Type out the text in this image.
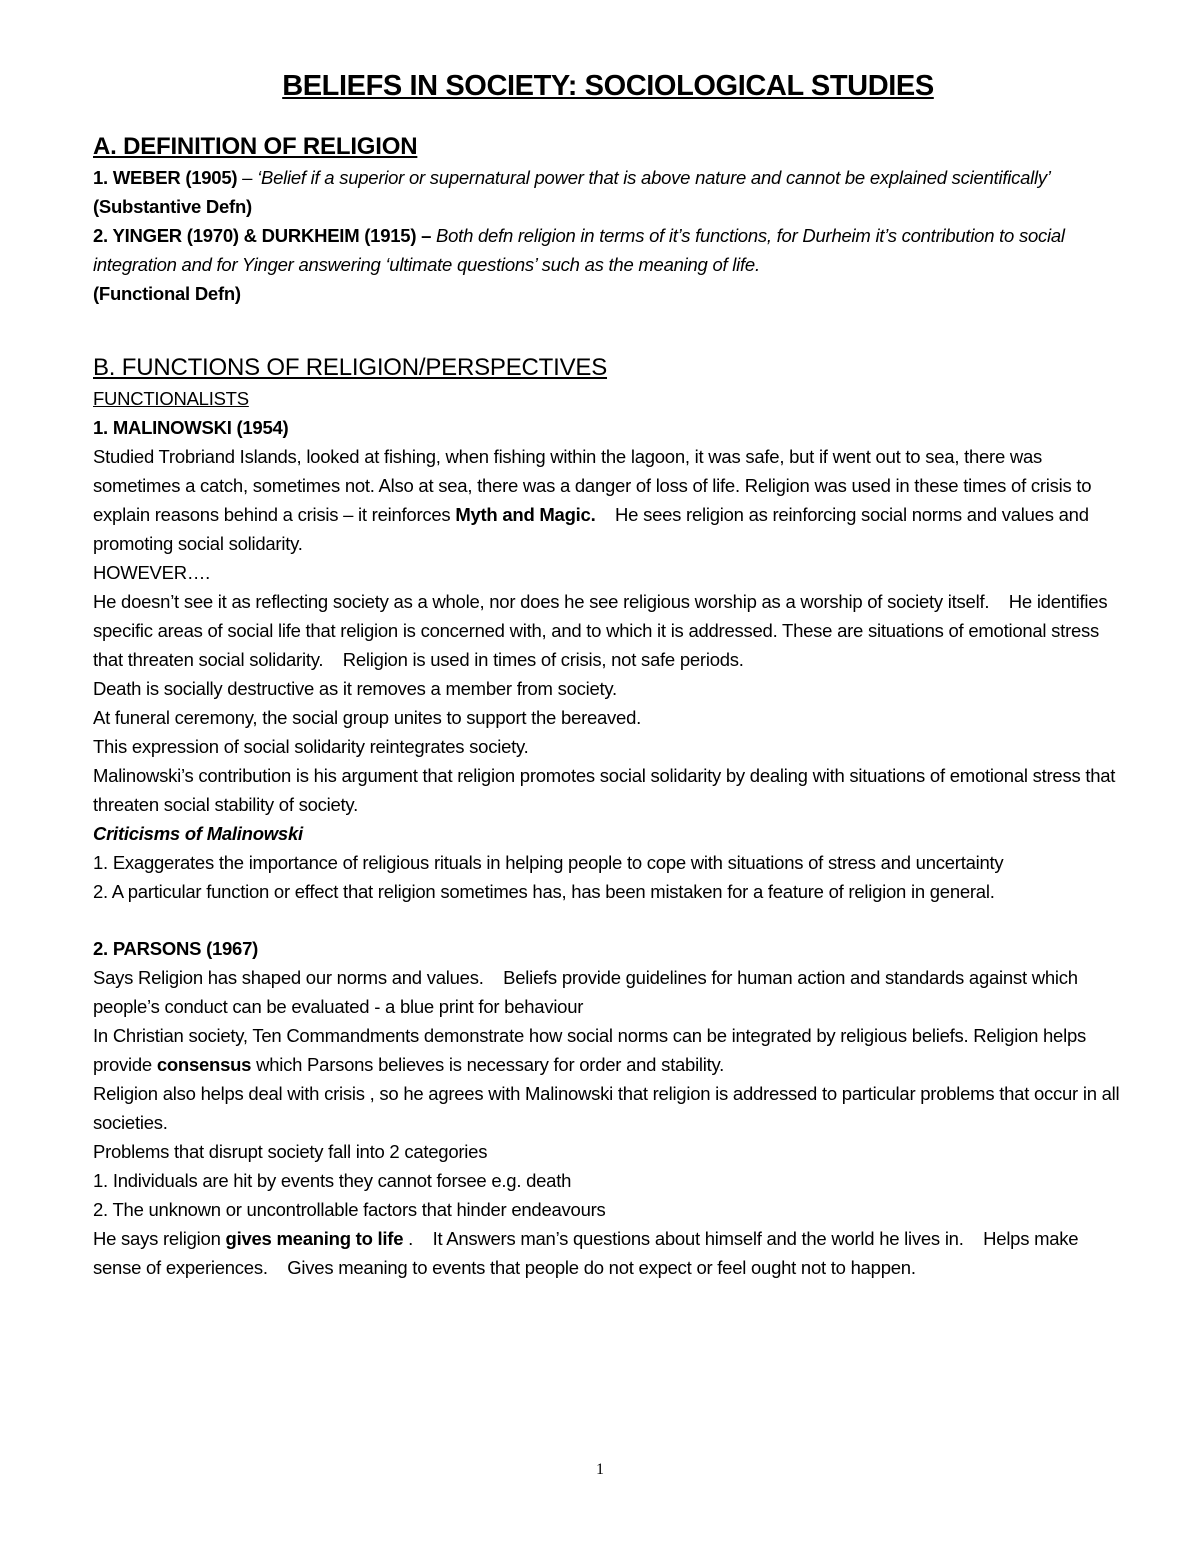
BELIEFS IN SOCIETY: SOCIOLOGICAL STUDIES
A. DEFINITION OF RELIGION

1. WEBER (1905) – ‘Belief if a superior or supernatural power that is above nature and cannot be explained scientifically’ (Substantive Defn)

2. YINGER (1970) & DURKHEIM (1915) – Both defn religion in terms of it’s functions, for Durheim it’s contribution to social integration and for Yinger answering ‘ultimate questions’ such as the meaning of life.
(Functional Defn)

B. FUNCTIONS OF RELIGION/PERSPECTIVES

FUNCTIONALISTS

1. MALINOWSKI (1954)

Studied Trobriand Islands, looked at fishing, when fishing within the lagoon, it was safe, but if went out to sea, there was sometimes a catch, sometimes not. Also at sea, there was a danger of loss of life. Religion was used in these times of crisis to explain reasons behind a crisis – it reinforces Myth and Magic.    He sees religion as reinforcing social norms and values and promoting social solidarity.

HOWEVER….

He doesn’t see it as reflecting society as a whole, nor does he see religious worship as a worship of society itself.    He identifies specific areas of social life that religion is concerned with, and to which it is addressed. These are situations of emotional stress that threaten social solidarity.    Religion is used in times of crisis, not safe periods.

Death is socially destructive as it removes a member from society.

At funeral ceremony, the social group unites to support the bereaved.

This expression of social solidarity reintegrates society.

Malinowski’s contribution is his argument that religion promotes social solidarity by dealing with situations of emotional stress that threaten social stability of society.

Criticisms of Malinowski

1. Exaggerates the importance of religious rituals in helping people to cope with situations of stress and uncertainty

2. A particular function or effect that religion sometimes has, has been mistaken for a feature of religion in general.

2. PARSONS (1967)

Says Religion has shaped our norms and values.    Beliefs provide guidelines for human action and standards against which people’s conduct can be evaluated - a blue print for behaviour

In Christian society, Ten Commandments demonstrate how social norms can be integrated by religious beliefs. Religion helps provide consensus which Parsons believes is necessary for order and stability.

Religion also helps deal with crisis , so he agrees with Malinowski that religion is addressed to particular problems that occur in all societies.

Problems that disrupt society fall into 2 categories

1. Individuals are hit by events they cannot forsee e.g. death

2. The unknown or uncontrollable factors that hinder endeavours

He says religion gives meaning to life .    It Answers man’s questions about himself and the world he lives in.    Helps make sense of experiences.    Gives meaning to events that people do not expect or feel ought not to happen.

1
